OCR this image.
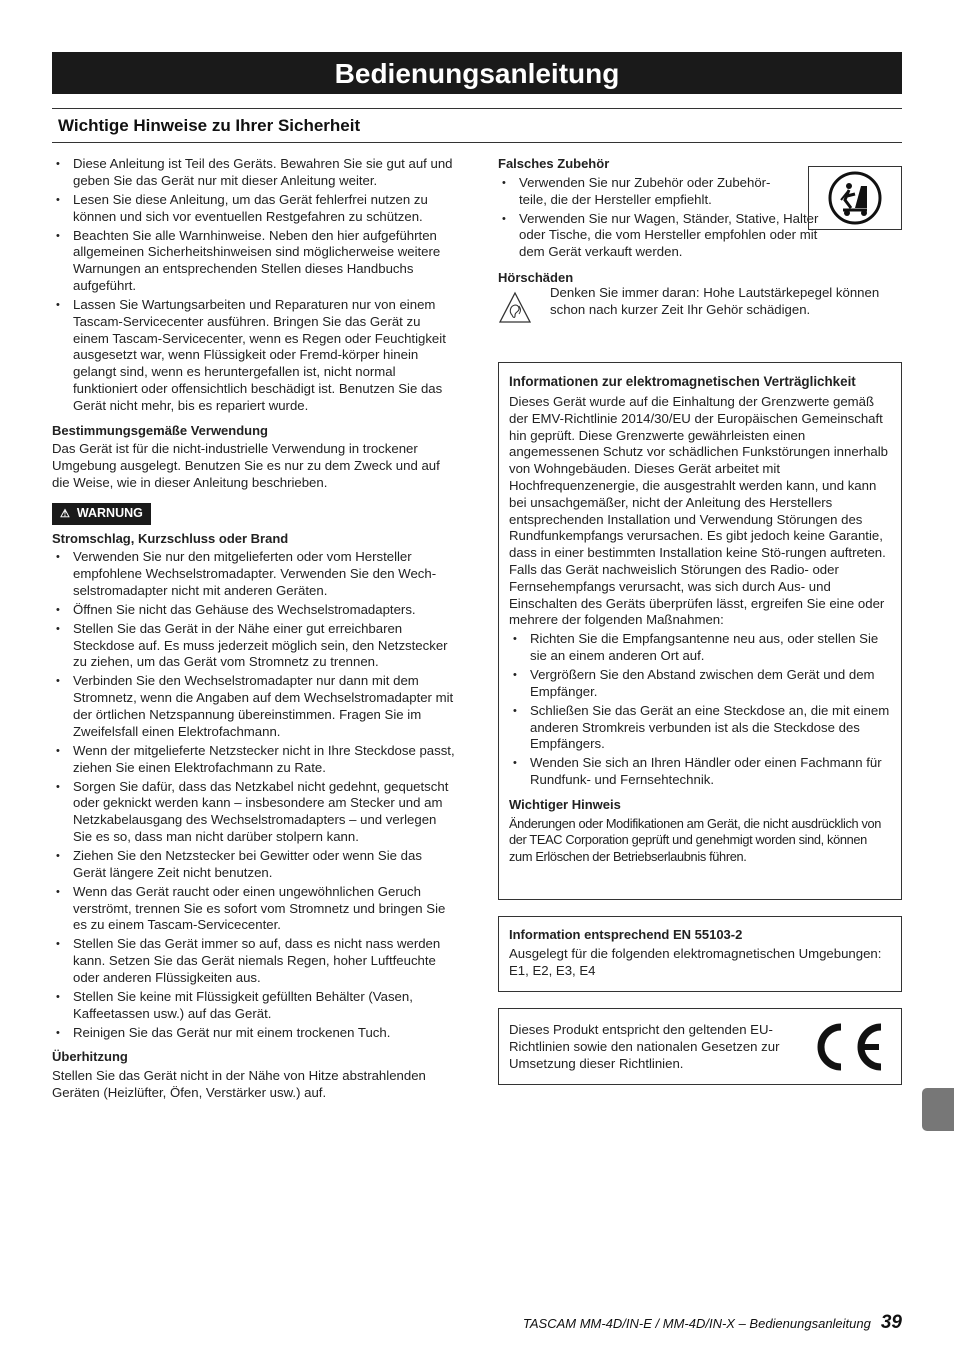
Bedienungsanleitung
Wichtige Hinweise zu Ihrer Sicherheit
• Diese Anleitung ist Teil des Geräts. Bewahren Sie sie gut auf und geben Sie das Gerät nur mit dieser Anleitung weiter.
• Lesen Sie diese Anleitung, um das Gerät fehlerfrei nutzen zu können und sich vor eventuellen Restgefahren zu schützen.
• Beachten Sie alle Warnhinweise. Neben den hier aufgeführten allgemeinen Sicherheitshinweisen sind möglicherweise weitere Warnungen an entsprechenden Stellen dieses Handbuchs aufgeführt.
• Lassen Sie Wartungsarbeiten und Reparaturen nur von einem Tascam-Servicecenter ausführen. Bringen Sie das Gerät zu einem Tascam-Servicecenter, wenn es Regen oder Feuchtigkeit ausgesetzt war, wenn Flüssigkeit oder Fremd-körper hinein gelangt sind, wenn es heruntergefallen ist, nicht normal funktioniert oder offensichtlich beschädigt ist. Benutzen Sie das Gerät nicht mehr, bis es repariert wurde.
Bestimmungsgemäße Verwendung

Das Gerät ist für die nicht-industrielle Verwendung in trockener Umgebung ausgelegt. Benutzen Sie es nur zu dem Zweck und auf die Weise, wie in dieser Anleitung beschrieben.

⚠ WARNUNG
Stromschlag, Kurzschluss oder Brand
• Verwenden Sie nur den mitgelieferten oder vom Hersteller empfohlene Wechselstromadapter. Verwenden Sie den Wech-selstromadapter nicht mit anderen Geräten.
• Öffnen Sie nicht das Gehäuse des Wechselstromadapters.
• Stellen Sie das Gerät in der Nähe einer gut erreichbaren Steckdose auf. Es muss jederzeit möglich sein, den Netzstecker zu ziehen, um das Gerät vom Stromnetz zu trennen.
• Verbinden Sie den Wechselstromadapter nur dann mit dem Stromnetz, wenn die Angaben auf dem Wechselstromadapter mit der örtlichen Netzspannung übereinstimmen. Fragen Sie im Zweifelsfall einen Elektrofachmann.
• Wenn der mitgelieferte Netzstecker nicht in Ihre Steckdose passt, ziehen Sie einen Elektrofachmann zu Rate.
• Sorgen Sie dafür, dass das Netzkabel nicht gedehnt, gequetscht oder geknickt werden kann – insbesondere am Stecker und am Netzkabelausgang des Wechselstromadapters – und verlegen Sie es so, dass man nicht darüber stolpern kann.
• Ziehen Sie den Netzstecker bei Gewitter oder wenn Sie das Gerät längere Zeit nicht benutzen.
• Wenn das Gerät raucht oder einen ungewöhnlichen Geruch verströmt, trennen Sie es sofort vom Stromnetz und bringen Sie es zu einem Tascam-Servicecenter.
• Stellen Sie das Gerät immer so auf, dass es nicht nass werden kann. Setzen Sie das Gerät niemals Regen, hoher Luftfeuchte oder anderen Flüssigkeiten aus.
• Stellen Sie keine mit Flüssigkeit gefüllten Behälter (Vasen, Kaffeetassen usw.) auf das Gerät.
• Reinigen Sie das Gerät nur mit einem trockenen Tuch.
Überhitzung

Stellen Sie das Gerät nicht in der Nähe von Hitze abstrahlenden Geräten (Heizlüfter, Öfen, Verstärker usw.) auf.

Falsches Zubehör
• Verwenden Sie nur Zubehör oder Zubehör-teile, die der Hersteller empfiehlt.
• Verwenden Sie nur Wagen, Ständer, Stative, Halter oder Tische, die vom Hersteller empfohlen oder mit dem Gerät verkauft werden.
Hörschäden

Denken Sie immer daran: Hohe Lautstärkepegel können schon nach kurzer Zeit Ihr Gehör schädigen.

Informationen zur elektromagnetischen Verträglichkeit

Dieses Gerät wurde auf die Einhaltung der Grenzwerte gemäß der EMV-Richtlinie 2014/30/EU der Europäischen Gemeinschaft hin geprüft. Diese Grenzwerte gewährleisten einen angemessenen Schutz vor schädlichen Funkstörungen innerhalb von Wohngebäuden. Dieses Gerät arbeitet mit Hochfrequenzenergie, die ausgestrahlt werden kann, und kann bei unsachgemäßer, nicht der Anleitung des Herstellers entsprechenden Installation und Verwendung Störungen des Rundfunkempfangs verursachen. Es gibt jedoch keine Garantie, dass in einer bestimmten Installation keine Stö-rungen auftreten. Falls das Gerät nachweislich Störungen des Radio- oder Fernsehempfangs verursacht, was sich durch Aus- und Einschalten des Geräts überprüfen lässt, ergreifen Sie eine oder mehrere der folgenden Maßnahmen:

• Richten Sie die Empfangsantenne neu aus, oder stellen Sie sie an einem anderen Ort auf.
• Vergrößern Sie den Abstand zwischen dem Gerät und dem Empfänger.
• Schließen Sie das Gerät an eine Steckdose an, die mit einem anderen Stromkreis verbunden ist als die Steckdose des Empfängers.
• Wenden Sie sich an Ihren Händler oder einen Fachmann für Rundfunk- und Fernsehtechnik.
Wichtiger Hinweis

Änderungen oder Modifikationen am Gerät, die nicht ausdrücklich von der TEAC Corporation geprüft und genehmigt worden sind, können zum Erlöschen der Betriebserlaubnis führen.

Information entsprechend EN 55103-2

Ausgelegt für die folgenden elektromagnetischen Umgebungen: E1, E2, E3, E4

Dieses Produkt entspricht den geltenden EU-Richtlinien sowie den nationalen Gesetzen zur Umsetzung dieser Richtlinien.

TASCAM MM-4D/IN-E / MM-4D/IN-X – Bedienungsanleitung 39
